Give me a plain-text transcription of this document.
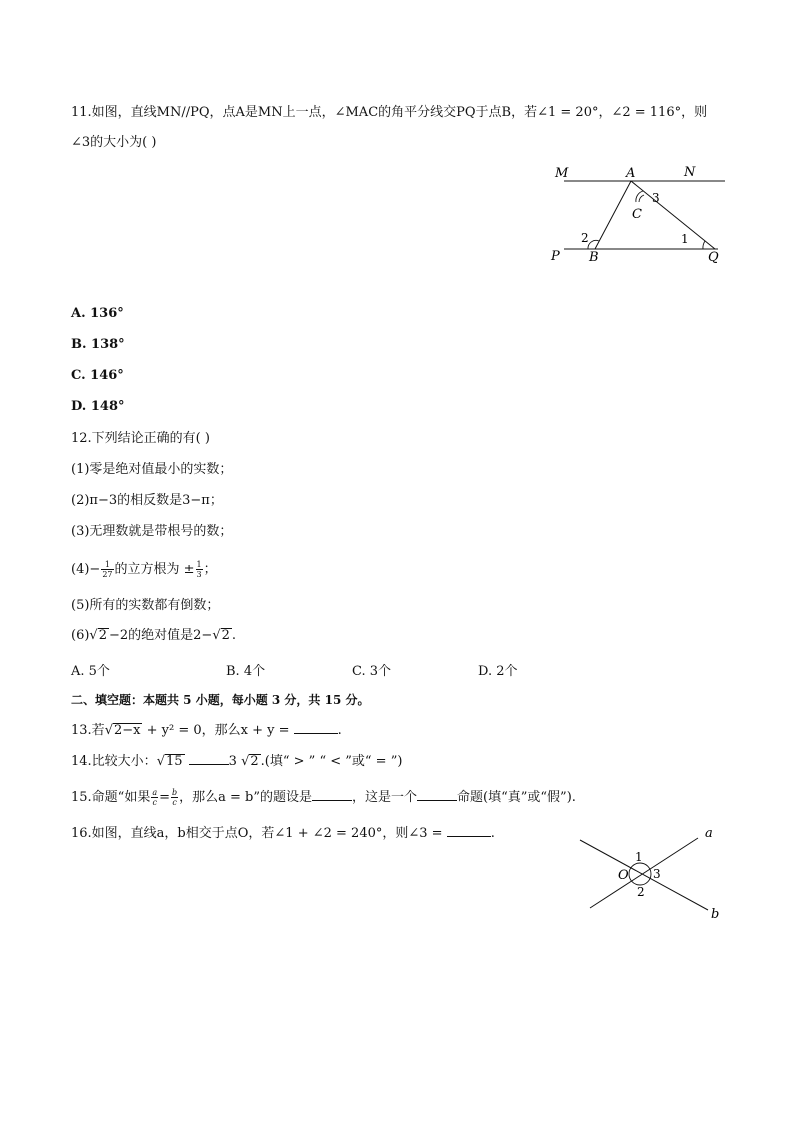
11.如图，直线MN//PQ，点A是MN上一点，∠MAC的角平分线交PQ于点B，若∠1 = 20°，∠2 = 116°，则
∠3的大小为( )
M	A	N
C
3
2	1
P B	Q
A. 136°
B. 138°
C. 146°
D. 148°
12.下列结论正确的有( )
(1)零是绝对值最小的实数；
(2)π−3的相反数是3−π；
(3)无理数就是带根号的数；
$(4)- \frac{1}{27}$ 的立方根为 ± $\frac{1}{3}$ ；
(5)所有的实数都有倒数；
(6)√2 −2的绝对值是2−√2 .
A. 5个	B. 4个	C. 3个	D. 2个
二、填空题：本题共 5 小题，每小题 3 分，共 15 分。
13.若√2−x + y² = 0，那么x + y =	.
14.比较大小：√15	3 √2 .(填“ > ” “ < ”或“ = ”)
15.命题“如果 $\frac{a}{c} = \frac{b}{c}$ ，那么a = b”的题设是	，这是一个	命题(填“真”或“假”).
16.如图，直线a，b相交于点O，若∠1 + ∠2 = 240°，则∠3 =	.	a
b
O
1
2
3
